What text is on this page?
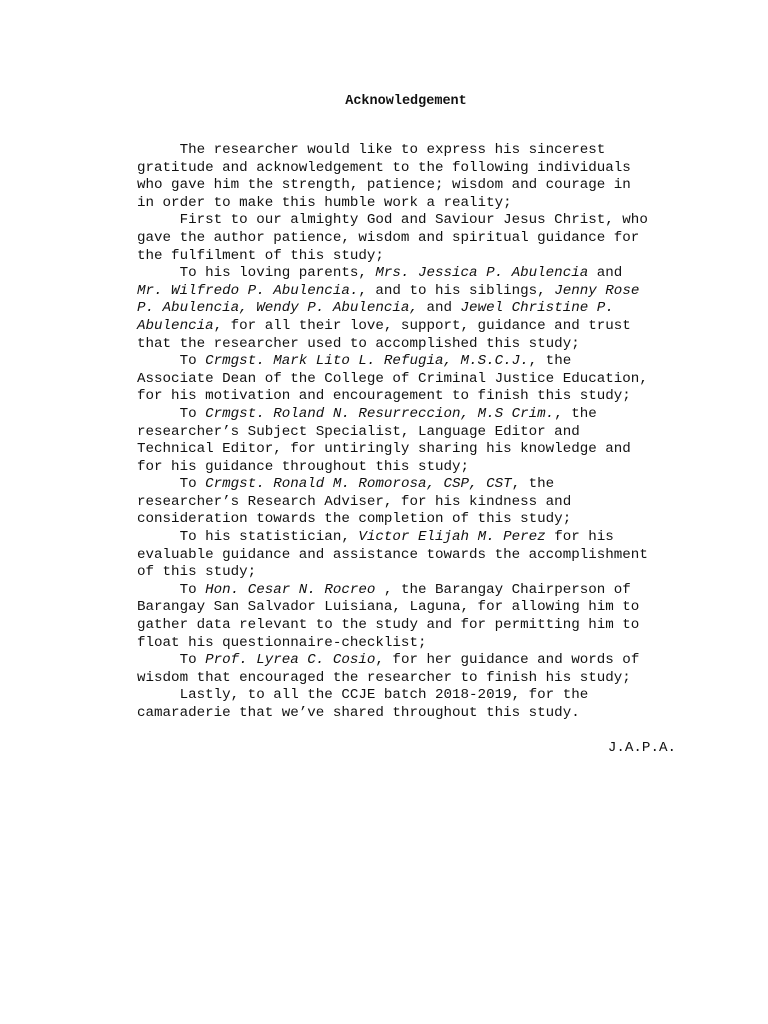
Acknowledgement

The researcher would like to express his sincerest
gratitude and acknowledgement to the following individuals
who gave him the strength, patience; wisdom and courage in
in order to make this humble work a reality;

First to our almighty God and Saviour Jesus Christ, who
gave the author patience, wisdom and spiritual guidance for
the fulfilment of this study;

To his loving parents, Mrs. Jessica P. Abulencia and
Mr. Wilfredo P. Abulencia., and to his siblings, Jenny Rose
P. Abulencia, Wendy P. Abulencia, and Jewel Christine P.
Abulencia, for all their love, support, guidance and trust
that the researcher used to accomplished this study;

To Crmgst. Mark Lito L. Refugia, M.S.C.J., the
Associate Dean of the College of Criminal Justice Education,
for his motivation and encouragement to finish this study;

To Crmgst. Roland N. Resurreccion, M.S Crim., the
researcher’s Subject Specialist, Language Editor and
Technical Editor, for untiringly sharing his knowledge and
for his guidance throughout this study;

To Crmgst. Ronald M. Romorosa, CSP, CST, the
researcher’s Research Adviser, for his kindness and
consideration towards the completion of this study;

To his statistician, Victor Elijah M. Perez for his
evaluable guidance and assistance towards the accomplishment
of this study;

To Hon. Cesar N. Rocreo , the Barangay Chairperson of
Barangay San Salvador Luisiana, Laguna, for allowing him to
gather data relevant to the study and for permitting him to
float his questionnaire-checklist;

To Prof. Lyrea C. Cosio, for her guidance and words of
wisdom that encouraged the researcher to finish his study;

Lastly, to all the CCJE batch 2018-2019, for the
camaraderie that we’ve shared throughout this study.

J.A.P.A.
